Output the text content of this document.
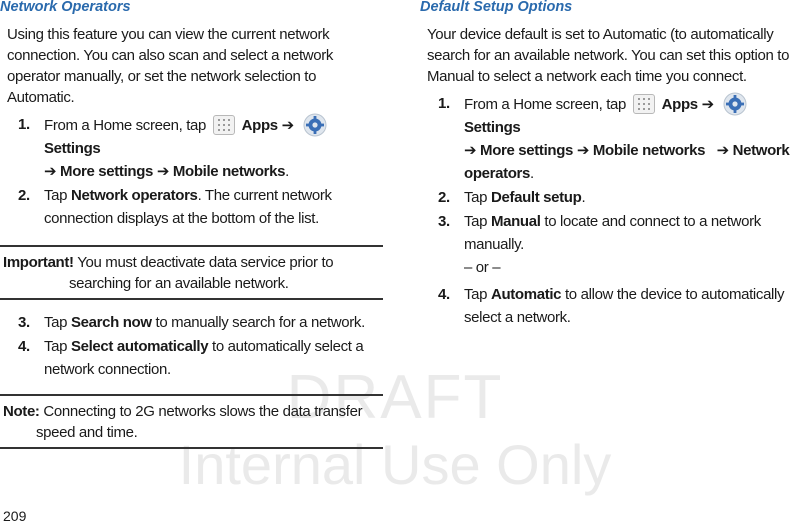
DRAFT
Internal Use Only
Network Operators

Using this feature you can view the current network connection. You can also scan and select a network operator manually, or set the network selection to Automatic.

1. From a Home screen, tap Apps ➔
Settings
➔ More settings ➔ Mobile networks.
2. Tap Network operators. The current network connection displays at the bottom of the list.
Important! You must deactivate data service prior to searching for an available network.
3. Tap Search now to manually search for a network.
4. Tap Select automatically to automatically select a network connection.
Note: Connecting to 2G networks slows the data transfer speed and time.
Default Setup Options

Your device default is set to Automatic (to automatically search for an available network. You can set this option to Manual to select a network each time you connect.

1. From a Home screen, tap Apps ➔
Settings
➔ More settings ➔ Mobile networks ➔ Network operators.
2. Tap Default setup.
3. Tap Manual to locate and connect to a network manually.
– or –
4. Tap Automatic to allow the device to automatically select a network.
209
